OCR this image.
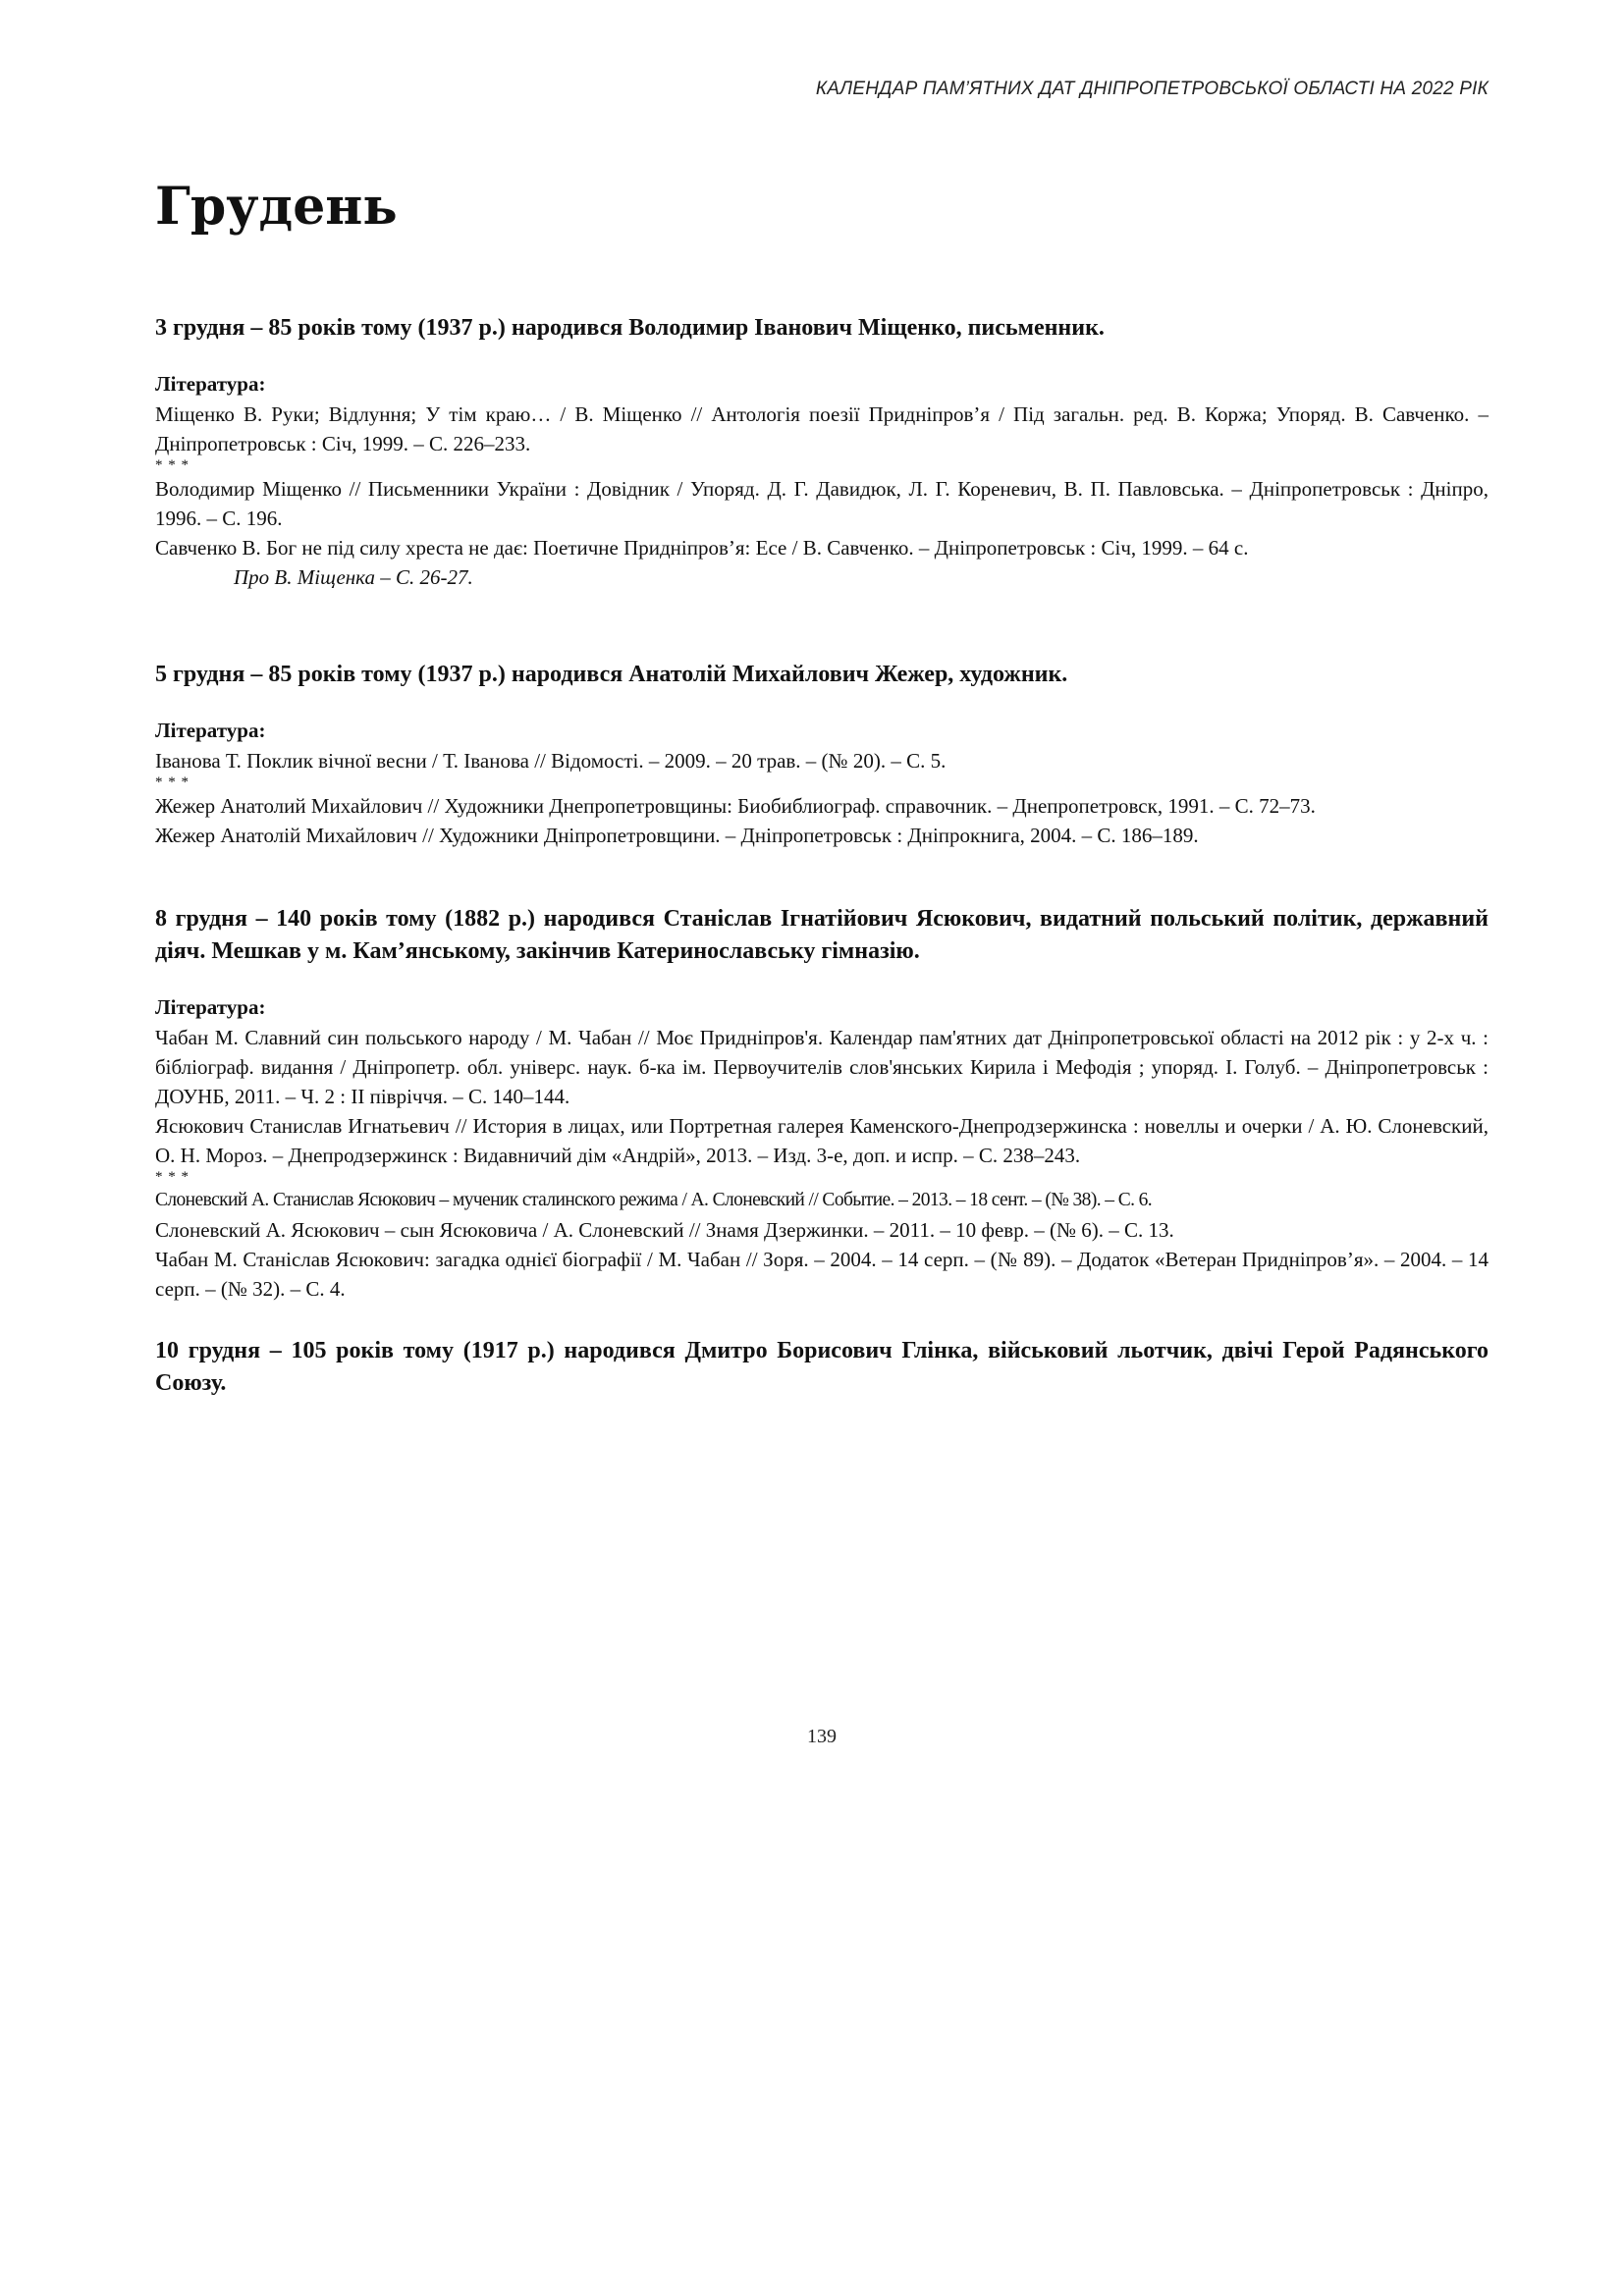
КАЛЕНДАР ПАМ’ЯТНИХ ДАТ ДНІПРОПЕТРОВСЬКОЇ ОБЛАСТІ НА 2022 РІК
Грудень

3 грудня – 85 років тому (1937 р.) народився Володимир Іванович Міщенко, письменник.

Література:

Міщенко В. Руки; Відлуння; У тім краю… / В. Міщенко // Антологія поезії Придніпров’я / Під загальн. ред. В. Коржа; Упоряд. В. Савченко. – Дніпропетровськ : Січ, 1999. – С. 226–233.

* * *

Володимир Міщенко // Письменники України : Довідник / Упоряд. Д. Г. Давидюк, Л. Г. Кореневич, В. П. Павловська. – Дніпропетровськ : Дніпро, 1996. – С. 196.

Савченко В. Бог не під силу хреста не дає: Поетичне Придніпров’я: Есе / В. Савченко. – Дніпропетровськ : Січ, 1999. – 64 с.

Про В. Міщенка – С. 26-27.

5 грудня – 85 років тому (1937 р.) народився Анатолій Михайлович Жежер, художник.

Література:

Іванова Т. Поклик вічної весни / Т. Іванова // Відомості. – 2009. – 20 трав. – (№ 20). – С. 5.

* * *

Жежер Анатолий Михайлович // Художники Днепропетровщины: Биобиблиограф. справочник. – Днепропетровск, 1991. – С. 72–73.

Жежер Анатолій Михайлович // Художники Дніпропетровщини. – Дніпропетровськ : Дніпрокнига, 2004. – С. 186–189.

8 грудня – 140 років тому (1882 р.) народився Станіслав Ігнатійович Ясюкович, видатний польський політик, державний діяч. Мешкав у м. Кам’янському, закінчив Катеринославську гімназію.

Література:

Чабан М. Славний син польського народу / М. Чабан // Моє Придніпров'я. Календар пам'ятних дат Дніпропетровської області на 2012 рік : у 2-х ч. : бібліограф. видання / Дніпропетр. обл. універс. наук. б-ка ім. Первоучителів слов'янських Кирила і Мефодія ; упоряд. І. Голуб. – Дніпропетровськ : ДОУНБ, 2011. – Ч. 2 : ІІ півріччя. – С. 140–144.

Ясюкович Станислав Игнатьевич // История в лицах, или Портретная галерея Каменского-Днепродзержинска : новеллы и очерки / А. Ю. Слоневский, О. Н. Мороз. – Днепродзержинск : Видавничий дім «Андрій», 2013. – Изд. 3-е, доп. и испр. – С. 238–243.

* * *

Слоневский А. Станислав Ясюкович – мученик сталинского режима / А. Слоневский // Событие. – 2013. – 18 сент. – (№ 38). – С. 6.

Слоневский А. Ясюкович – сын Ясюковича / А. Слоневский // Знамя Дзержинки. – 2011. – 10 февр. – (№ 6). – С. 13.

Чабан М. Станіслав Ясюкович: загадка однієї біографії / М. Чабан // Зоря. – 2004. – 14 серп. – (№ 89). – Додаток «Ветеран Придніпров’я». – 2004. – 14 серп. – (№ 32). – С. 4.

10 грудня – 105 років тому (1917 р.) народився Дмитро Борисович Глінка, військовий льотчик, двічі Герой Радянського Союзу.

139
